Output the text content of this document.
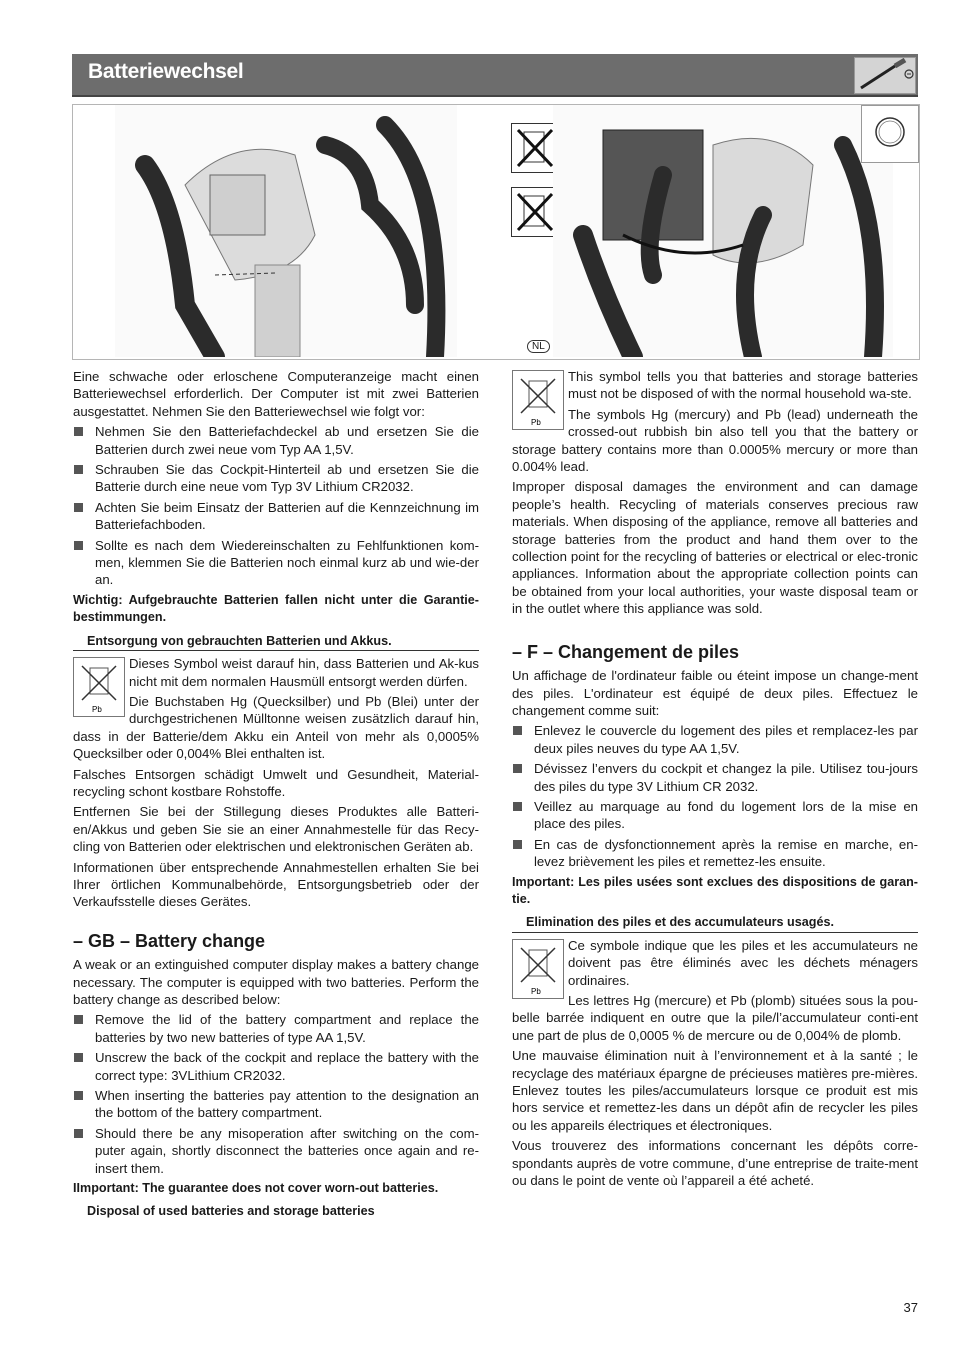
Batteriewechsel
NL

Eine schwache oder erloschene Computeranzeige macht einen Batteriewechsel erforderlich. Der Computer ist mit zwei Batterien ausgestattet. Nehmen Sie den Batteriewechsel wie folgt vor:

Nehmen Sie den Batteriefachdeckel ab und ersetzen Sie die Batterien durch zwei neue vom Typ AA 1,5V.
Schrauben Sie das Cockpit-Hinterteil ab und ersetzen Sie die Batterie durch eine neue vom Typ 3V Lithium CR2032.
Achten Sie beim Einsatz der Batterien auf die Kennzeichnung im Batteriefachboden.
Sollte es nach dem Wiedereinschalten zu Fehlfunktionen kom-men, klemmen Sie die Batterien noch einmal kurz ab und wie-der an.

Wichtig: Aufgebrauchte Batterien fallen nicht unter die Garantie-bestimmungen.

Entsorgung von gebrauchten Batterien und Akkus.
Pb

Dieses Symbol weist darauf hin, dass Batterien und Ak-kus nicht mit dem normalen Hausmüll entsorgt werden dürfen.

Die Buchstaben Hg (Quecksilber) und Pb (Blei) unter der durchgestrichenen Mülltonne weisen zusätzlich darauf hin, dass in der Batterie/dem Akku ein Anteil von mehr als 0,0005% Quecksilber oder 0,004% Blei enthalten ist.

Falsches Entsorgen schädigt Umwelt und Gesundheit, Material-recycling schont kostbare Rohstoffe.

Entfernen Sie bei der Stillegung dieses Produktes alle Batteri-en/Akkus und geben Sie sie an einer Annahmestelle für das Recy-cling von Batterien oder elektrischen und elektronischen Geräten ab.

Informationen über entsprechende Annahmestellen erhalten Sie bei Ihrer örtlichen Kommunalbehörde, Entsorgungsbetrieb oder der Verkaufsstelle dieses Gerätes.

– GB – Battery change

A weak or an extinguished computer display makes a battery change necessary. The computer is equipped with two batteries. Perform the battery change as described below:

Remove the lid of the battery compartment and replace the batteries by two new batteries of type AA 1,5V.
Unscrew the back of the cockpit and replace the battery with the correct type: 3VLithium CR2032.
When inserting the batteries pay attention to the designation an the bottom of the battery compartment.
Should there be any misoperation after switching on the com-puter again, shortly disconnect the batteries once again and re-insert them.

IImportant: The guarantee does not cover worn-out batteries.

Disposal of used batteries and storage batteries
Pb

This symbol tells you that batteries and storage batteries must not be disposed of with the normal household wa-ste.

The symbols Hg (mercury) and Pb (lead) underneath the crossed-out rubbish bin also tell you that the battery or storage battery contains more than 0.0005% mercury or more than 0.004% lead.

Improper disposal damages the environment and can damage people’s health. Recycling of materials conserves precious raw materials. When disposing of the appliance, remove all batteries and storage batteries from the product and hand them over to the collection point for the recycling of batteries or electrical or elec-tronic appliances. Information about the appropriate collection points can be obtained from your local authorities, your waste disposal team or in the outlet where this appliance was sold.

– F – Changement de piles

Un affichage de l'ordinateur faible ou éteint impose un change-ment des piles. L'ordinateur est équipé de deux piles. Effectuez le changement comme suit:

Enlevez le couvercle du logement des piles et remplacez-les par deux piles neuves du type AA 1,5V.
Dévissez l’envers du cockpit et changez la pile. Utilisez tou-jours des piles du type 3V Lithium CR 2032.
Veillez au marquage au fond du logement lors de la mise en place des piles.
En cas de dysfonctionnement après la remise en marche, en-levez brièvement les piles et remettez-les ensuite.

Important: Les piles usées sont exclues des dispositions de garan-tie.

Elimination des piles et des accumulateurs usagés.
Pb

Ce symbole indique que les piles et les accumulateurs ne doivent pas être éliminés avec les déchets ménagers ordinaires.

Les lettres Hg (mercure) et Pb (plomb) situées sous la pou-belle barrée indiquent en outre que la pile/l’accumulateur conti-ent une part de plus de 0,0005 % de mercure ou de 0,004% de plomb.

Une mauvaise élimination nuit à l’environnement et à la santé ; le recyclage des matériaux épargne de précieuses matières pre-mières. Enlevez toutes les piles/accumulateurs lorsque ce produit est mis hors service et remettez-les dans un dépôt afin de recycler les piles ou les appareils électriques et électroniques.

Vous trouverez des informations concernant les dépôts corre-spondants auprès de votre commune, d’une entreprise de traite-ment ou dans le point de vente où l’appareil a été acheté.

37
